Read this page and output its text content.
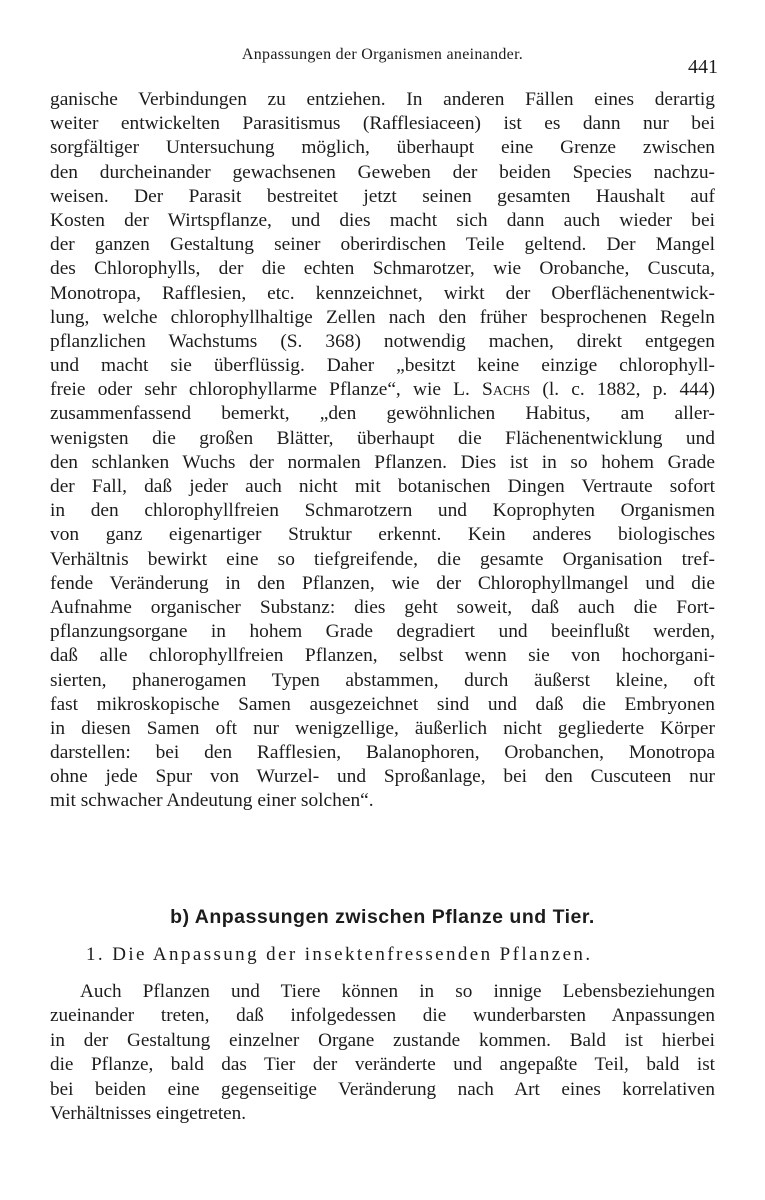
Anpassungen der Organismen aneinander.
441
ganische Verbindungen zu entziehen. In anderen Fällen eines derartig
weiter entwickelten Parasitismus (Rafflesiaceen) ist es dann nur bei
sorgfältiger Untersuchung möglich, überhaupt eine Grenze zwischen
den durcheinander gewachsenen Geweben der beiden Species nachzu-
weisen. Der Parasit bestreitet jetzt seinen gesamten Haushalt auf
Kosten der Wirtspflanze, und dies macht sich dann auch wieder bei
der ganzen Gestaltung seiner oberirdischen Teile geltend. Der Mangel
des Chlorophylls, der die echten Schmarotzer, wie Orobanche, Cuscuta,
Monotropa, Rafflesien, etc. kennzeichnet, wirkt der Oberflächenentwick-
lung, welche chlorophyllhaltige Zellen nach den früher besprochenen Regeln
pflanzlichen Wachstums (S. 368) notwendig machen, direkt entgegen
und macht sie überflüssig. Daher „besitzt keine einzige chlorophyll-
freie oder sehr chlorophyllarme Pflanze“, wie L. Sachs (l. c. 1882, p. 444)
zusammenfassend bemerkt, „den gewöhnlichen Habitus, am aller-
wenigsten die großen Blätter, überhaupt die Flächenentwicklung und
den schlanken Wuchs der normalen Pflanzen. Dies ist in so hohem Grade
der Fall, daß jeder auch nicht mit botanischen Dingen Vertraute sofort
in den chlorophyllfreien Schmarotzern und Koprophyten Organismen
von ganz eigenartiger Struktur erkennt. Kein anderes biologisches
Verhältnis bewirkt eine so tiefgreifende, die gesamte Organisation tref-
fende Veränderung in den Pflanzen, wie der Chlorophyllmangel und die
Aufnahme organischer Substanz: dies geht soweit, daß auch die Fort-
pflanzungsorgane in hohem Grade degradiert und beeinflußt werden,
daß alle chlorophyllfreien Pflanzen, selbst wenn sie von hochorgani-
sierten, phanerogamen Typen abstammen, durch äußerst kleine, oft
fast mikroskopische Samen ausgezeichnet sind und daß die Embryonen
in diesen Samen oft nur wenigzellige, äußerlich nicht gegliederte Körper
darstellen: bei den Rafflesien, Balanophoren, Orobanchen, Monotropa
ohne jede Spur von Wurzel- und Sproßanlage, bei den Cuscuteen nur
mit schwacher Andeutung einer solchen“.
b) Anpassungen zwischen Pflanze und Tier.
1. Die Anpassung der insektenfressenden Pflanzen.
Auch Pflanzen und Tiere können in so innige Lebensbeziehungen
zueinander treten, daß infolgedessen die wunderbarsten Anpassungen
in der Gestaltung einzelner Organe zustande kommen. Bald ist hierbei
die Pflanze, bald das Tier der veränderte und angepaßte Teil, bald ist
bei beiden eine gegenseitige Veränderung nach Art eines korrelativen
Verhältnisses eingetreten.
